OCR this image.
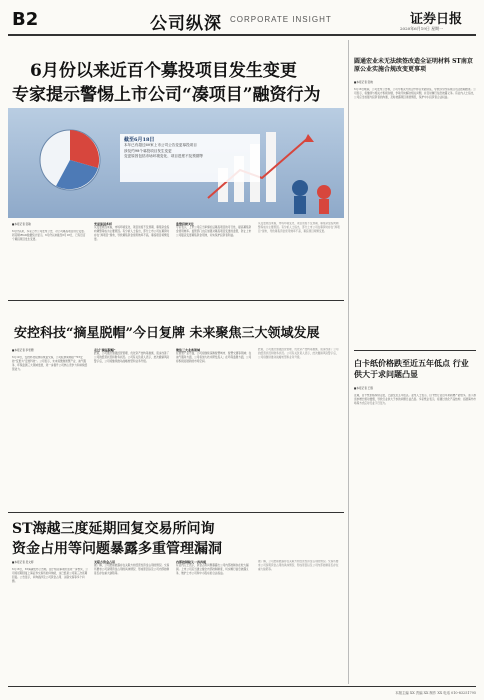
B2	公司纵深 CORPORATE INSIGHT	证券日报
2020年6月19日 星期一
6月份以来近百个募投项目发生变更
专家提示警惕上市公司“凑项目”融资行为
截至6月18日
本年已有超过60家上市公司公告变更募投项目
涉及约98个募投项目发生变更
变更原因包括市场环境变化、项目进度不及预期等
■本报记者 张敏

6月份以来，多家上市公司发布公告，对公司募投项目进行变更。同花顺iFinD数据统计显示，6月份以来截至6月18日，已有近百个募投项目发生变更。

变更原因多样

从变更原因来看，市场环境变化、项目进度不及预期、募集资金投向调整等成为主要原因。有分析人士指出，部分上市公司在募资时存在“凑项目”现象，导致募集资金使用效率不高，募投项目频繁变更。

监管持续关注

专家表示，上市公司应当审慎论证募投项目的可行性，提高募集资金使用效率。监管部门也应加强对募投项目变更的监管，防止上市公司随意变更募集资金用途，切实保护投资者利益。

从变更原因来看，市场环境变化、项目进度不及预期、募集资金投向调整等成为主要原因。有分析人士指出，部分上市公司在募资时存在“凑项目”现象，导致募集资金使用效率不高，募投项目频繁变更。

圆通宏业未无法续签改造全证明材料 ST南京原公业实施合规改变更事项
■本报记者 张晓

6月18日晚间，公司发布公告称，公司与相关方的合作协议未能续签，导致部分改造项目无法按期推进。公司表示，将继续与相关方积极沟通，争取尽快解决相关问题，并及时履行信息披露义务。有业内人士指出，公司应当加强与投资者的沟通，及时披露项目进展情况，保护中小投资者合法权益。

白卡纸价格跌至近五年低点 行业供大于求问题凸显
■本报记者 王僖

近期，白卡纸价格持续走低，已跌至近五年低点。业内人士表示，白卡纸行业近年来新增产能较多，而下游需求增长相对缓慢，导致行业供大于求的问题日益凸显。多家纸企表示，将通过优化产品结构、拓展海外市场等方式应对行业下行压力。

安控科技“摘星脱帽”今日复牌 未来聚焦三大领域发展
■本报记者 李雯珊

6月19日，安控科技股票将恢复交易，公司股票简称由“*ST安控”变更为“安控科技”。公司表示，未来将聚焦智慧产业、油气服务、环保监测三大领域发展，进一步提升公司核心竞争力和持续经营能力。

走过“摘星脱帽”

此前，公司通过加强经营管理、优化资产结构等措施，逐步改善了公司的经营状况和财务状况。公司有关负责人表示，此次撤销风险警示后，公司将继续推动战略转型和业务升级。

聚焦三大业务领域

在智慧产业方面，公司将继续深耕智慧城市、智慧交通等领域；在油气服务方面，公司将加大技术研发投入；在环保监测方面，公司将积极拓展新的市场空间。

此前，公司通过加强经营管理、优化资产结构等措施，逐步改善了公司的经营状况和财务状况。公司有关负责人表示，此次撤销风险警示后，公司将继续推动战略转型和业务升级。

ST海越三度延期回复交易所问询
资金占用等问题暴露多重管理漏洞
■本报记者 吴文婷

6月18日，ST海越发布公告称，由于相关事项仍需进一步核实，公司将延期回复上海证券交易所的问询函，这已经是公司第三次延期回复。公告显示，问询函涉及公司资金占用、关联交易等多个问题。

关联方资金占用

据了解，公司此前披露存在关联方非经营性资金占用的情况。交易所要求公司说明资金占用的具体情况、形成原因以及公司内部控制是否存在重大缺陷等。

内部控制缺失一再再现

有业内人士表示，资金占用问题暴露出公司内部控制存在较大漏洞。上市公司应当建立健全内部控制制度，切实履行信息披露义务，维护上市公司和中小股东的合法权益。

据了解，公司此前披露存在关联方非经营性资金占用的情况。交易所要求公司说明资金占用的具体情况、形成原因以及公司内部控制是否存在重大缺陷等。

本版主编 XX 责编 XX 制作 XX 电话 010-83251795
